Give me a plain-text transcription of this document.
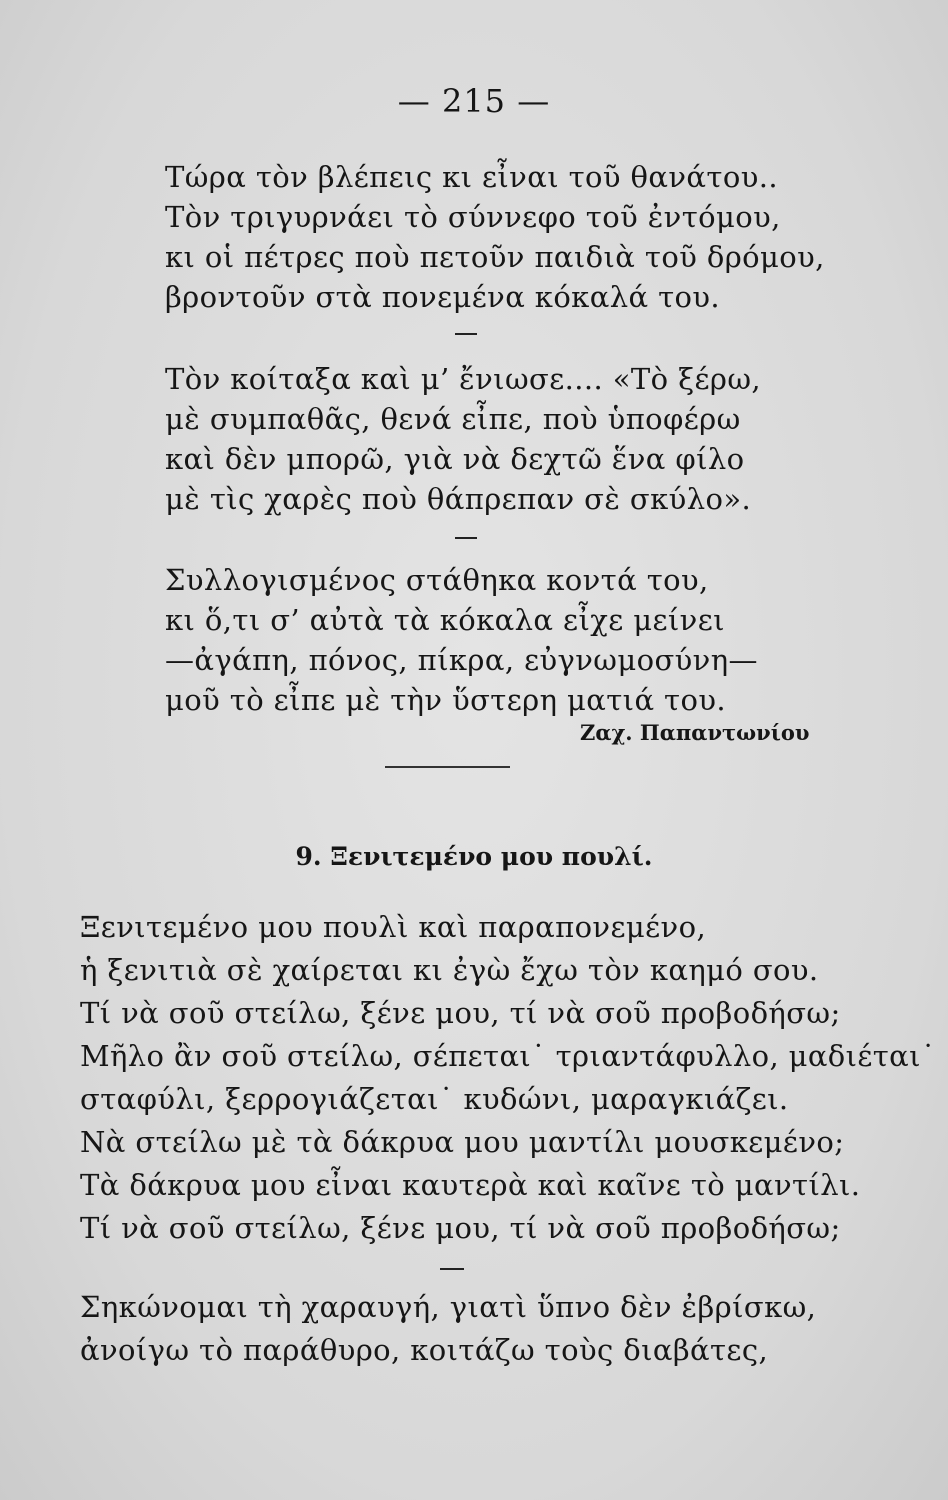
— 215 —
Τώρα τὸν βλέπεις κι εἶναι τοῦ θανάτου..
Τὸν τριγυρνάει τὸ σύννεφο τοῦ ἐντόμου,
κι οἱ πέτρες ποὺ πετοῦν παιδιὰ τοῦ δρόμου,
βροντοῦν στὰ πονεμένα κόκαλά του.
Τὸν κοίταξα καὶ μ’ ἔνιωσε.... «Τὸ ξέρω,
μὲ συμπαθᾶς, θενά εἶπε, ποὺ ὑποφέρω
καὶ δὲν μπορῶ, γιὰ νὰ δεχτῶ ἕνα φίλο
μὲ τὶς χαρὲς ποὺ θάπρεπαν σὲ σκύλο».
Συλλογισμένος στάθηκα κοντά του,
κι ὅ,τι σ’ αὐτὰ τὰ κόκαλα εἶχε μείνει
—ἀγάπη, πόνος, πίκρα, εὐγνωμοσύνη—
μοῦ τὸ εἶπε μὲ τὴν ὕστερη ματιά του.
Ζαχ. Παπαντωνίου
9. Ξενιτεμένο μου πουλί.
Ξενιτεμένο μου πουλὶ καὶ παραπονεμένο,
ἡ ξενιτιὰ σὲ χαίρεται κι ἐγὼ ἔχω τὸν καημό σου.
Τί νὰ σοῦ στείλω, ξένε μου, τί νὰ σοῦ προβοδήσω;
Μῆλο ἂν σοῦ στείλω, σέπεται˙ τριαντάφυλλο, μαδιέται˙
σταφύλι, ξερρογιάζεται˙ κυδώνι, μαραγκιάζει.
Νὰ στείλω μὲ τὰ δάκρυα μου μαντίλι μουσκεμένο;
Τὰ δάκρυα μου εἶναι καυτερὰ καὶ καῖνε τὸ μαντίλι.
Τί νὰ σοῦ στείλω, ξένε μου, τί νὰ σοῦ προβοδήσω;
Σηκώνομαι τὴ χαραυγή, γιατὶ ὕπνο δὲν ἐβρίσκω,
ἀνοίγω τὸ παράθυρο, κοιτάζω τοὺς διαβάτες,
